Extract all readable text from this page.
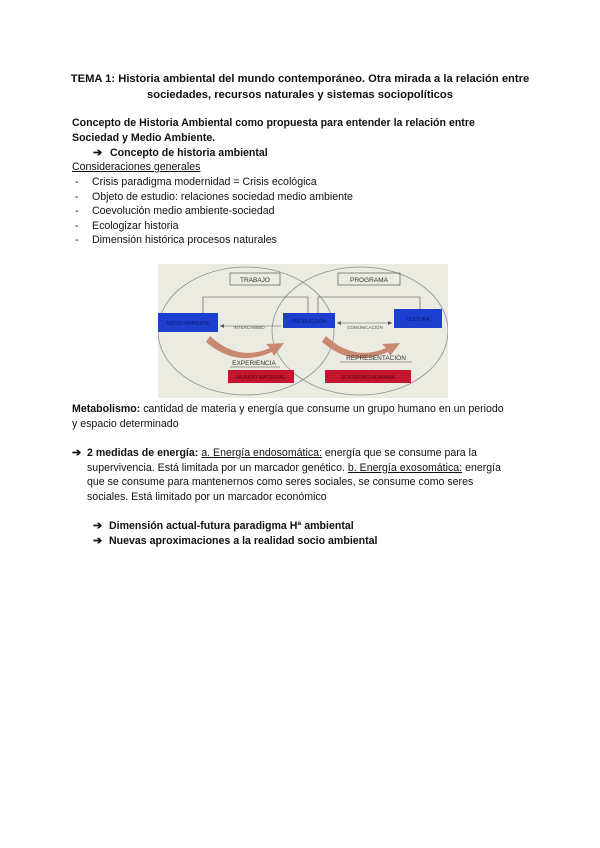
TEMA 1: Historia ambiental del mundo contemporáneo. Otra mirada a la relación entre
sociedades, recursos naturales y sistemas sociopolíticos
Concepto de Historia Ambiental como propuesta para entender la relación entre
Sociedad y Medio Ambiente.
➔ Concepto de historia ambiental
Consideraciones generales
- Crisis paradigma modernidad = Crisis ecológica
- Objeto de estudio: relaciones sociedad medio ambiente
- Coevolución medio ambiente-sociedad
- Ecologizar historia
- Dimensión histórica procesos naturales
TRABAJO	PROGRAMA
MEDIO AMBIENTE	PRODUCCIÓN	CULTURA
INTERCAMBIO	COMUNICACIÓN
EXPERIENCIA
REPRESENTACIÓN
MUNDO MATERIAL	SOCIEDAD HUMANA
Metabolismo: cantidad de materia y energía que consume un grupo humano en un periodo
y espacio determinado
➔ 2 medidas de energía: a. Energía endosomática: energía que se consume para la
supervivencia. Está limitada por un marcador genético. b. Energía exosomática: energía
que se consume para mantenernos como seres sociales, se consume como seres
sociales. Está limitado por un marcador económico
➔ Dimensión actual-futura paradigma Hª ambiental
➔ Nuevas aproximaciones a la realidad socio ambiental
